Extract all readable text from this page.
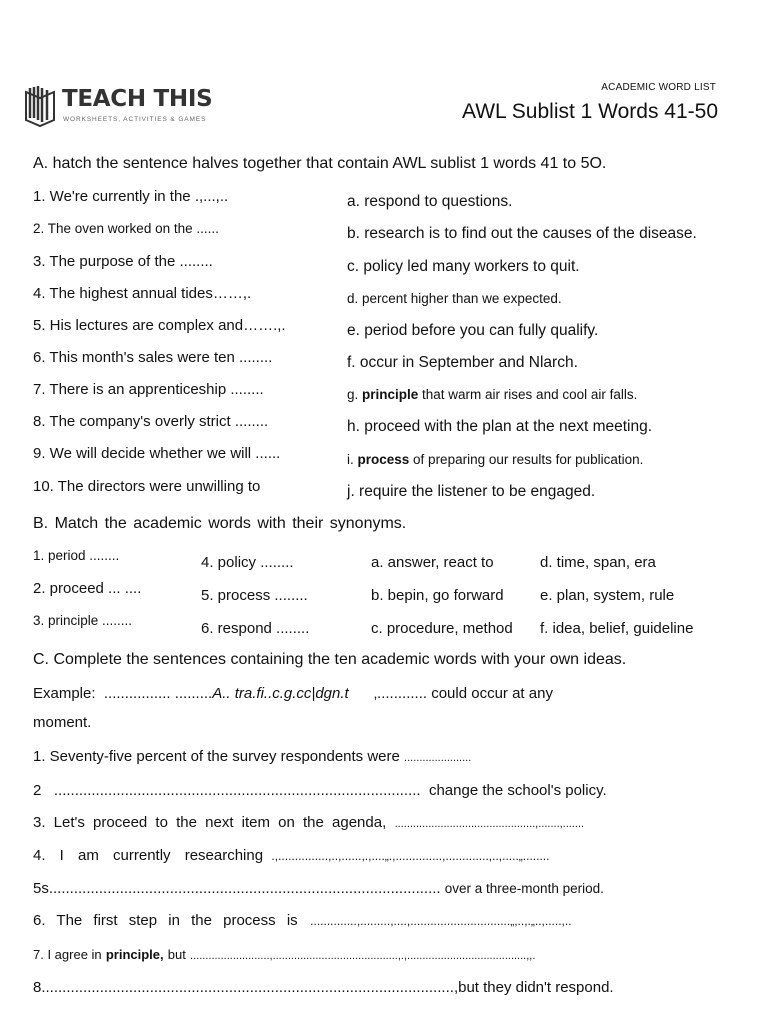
TEACH THIS
WORKSHEETS, ACTIVITIES & GAMES
ACADEMIC WORD LIST
AWL Sublist 1 Words 41-50
A. hatch the sentence halves together that contain AWL sublist 1 words 41 to 5O.
1. We're currently in the .,...,..
2. The oven worked on the ......
3. The purpose of the ........
4. The highest annual tides……,.
5. His lectures are complex and…….,.
6. This month's sales were ten ........
7. There is an apprenticeship ........
8. The company's overly strict ........
9. We will decide whether we will ......
10. The directors were unwilling to
a. respond to questions.
b. research is to find out the causes of the disease.
c. policy led many workers to quit.
d. percent higher than we expected.
e. period before you can fully qualify.
f. occur in September and Nlarch.
g. principle that warm air rises and cool air falls.
h. proceed with the plan at the next meeting.
i. process of preparing our results for publication.
j. require the listener to be engaged.
B. Match the academic words with their synonyms.
1. period ........
2. proceed ... ....
3. principle ........
4. policy ........
5. process ........
6. respond ........
a. answer, react to
b. bepin, go forward
c. procedure, method
d. time, span, era
e. plan, system, rule
f. idea, belief, guideline
C. Complete the sentences containing the ten academic words with your own ideas.
Example: ................ .........A.. tra.fi..c.g.cc|dgn.t ‚............ could occur at any
moment.
1. Seventy-five percent of the survey respondents were ......................
2 ........................................................................................ change the school's policy.
3. Let's proceed to the next item on the agenda, ..............................................,.......,.......
4. I am currently researching .,...............,..,......,.,....„.,..............,.............,..,.....„........
5s.............................................................................................. over a three-month period.
6. The first step in the process is ..............,.........,....,..............................„,..,.„..,.....,..
7. I agree in principle, but ..........................,.........................................,.,.......................................,,.
8...................................................................................................,but they didn't respond.
